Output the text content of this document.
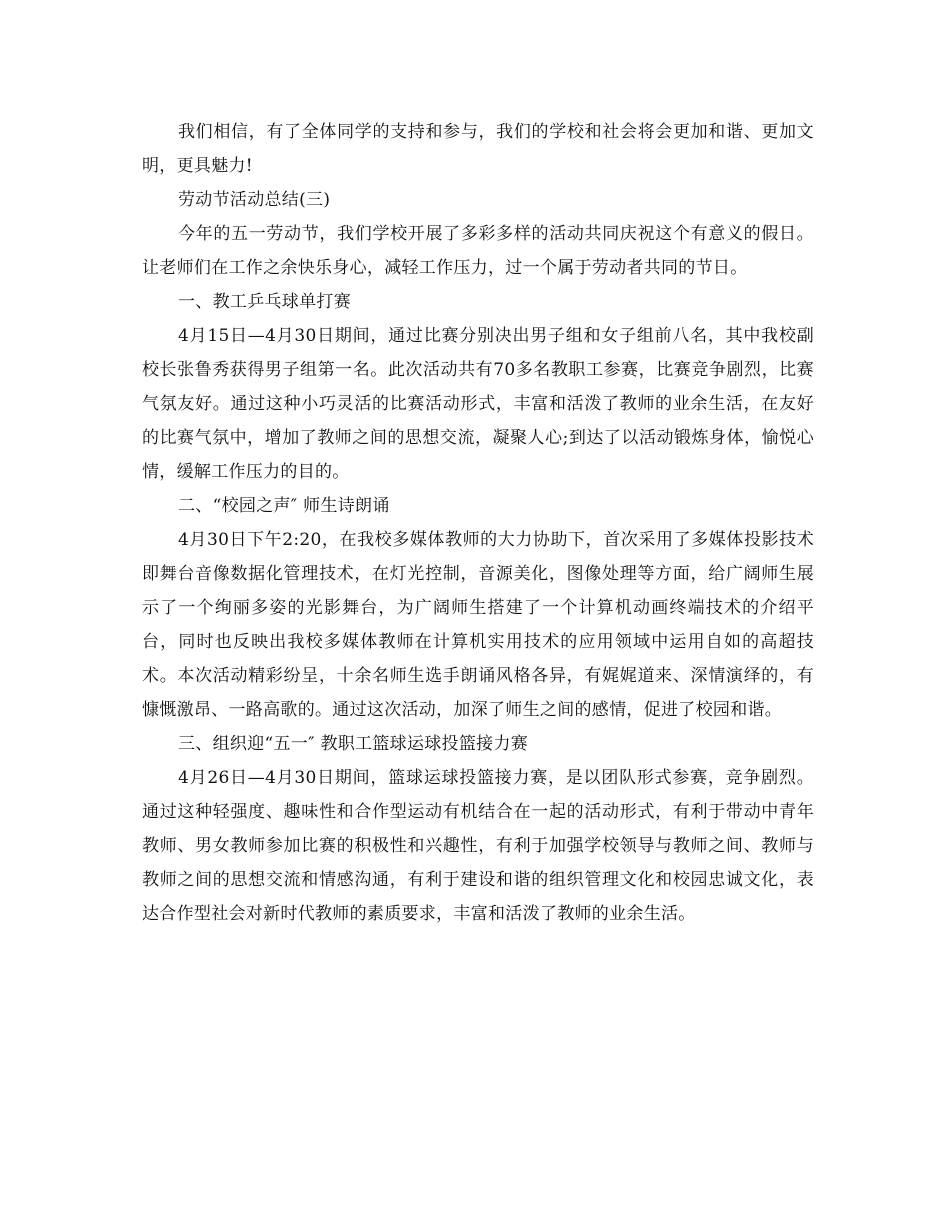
我们相信，有了全体同学的支持和参与，我们的学校和社会将会更加和谐、更加文明，更具魅力!

劳动节活动总结(三)

今年的五一劳动节，我们学校开展了多彩多样的活动共同庆祝这个有意义的假日。让老师们在工作之余快乐身心，减轻工作压力，过一个属于劳动者共同的节日。

一、教工乒乓球单打赛

4月15日—4月30日期间，通过比赛分别决出男子组和女子组前八名，其中我校副校长张鲁秀获得男子组第一名。此次活动共有70多名教职工参赛，比赛竞争剧烈，比赛气氛友好。通过这种小巧灵活的比赛活动形式，丰富和活泼了教师的业余生活，在友好的比赛气氛中，增加了教师之间的思想交流，凝聚人心;到达了以活动锻炼身体，愉悦心情，缓解工作压力的目的。

二、“校园之声″ 师生诗朗诵

4月30日下午2:20，在我校多媒体教师的大力协助下，首次采用了多媒体投影技术即舞台音像数据化管理技术，在灯光控制，音源美化，图像处理等方面，给广阔师生展示了一个绚丽多姿的光影舞台，为广阔师生搭建了一个计算机动画终端技术的介绍平台，同时也反映出我校多媒体教师在计算机实用技术的应用领域中运用自如的高超技术。本次活动精彩纷呈，十余名师生选手朗诵风格各异，有娓娓道来、深情演绎的，有慷慨激昂、一路高歌的。通过这次活动，加深了师生之间的感情，促进了校园和谐。

三、组织迎“五一″ 教职工篮球运球投篮接力赛

4月26日—4月30日期间，篮球运球投篮接力赛，是以团队形式参赛，竞争剧烈。通过这种轻强度、趣味性和合作型运动有机结合在一起的活动形式，有利于带动中青年教师、男女教师参加比赛的积极性和兴趣性，有利于加强学校领导与教师之间、教师与教师之间的思想交流和情感沟通，有利于建设和谐的组织管理文化和校园忠诚文化，表达合作型社会对新时代教师的素质要求，丰富和活泼了教师的业余生活。
